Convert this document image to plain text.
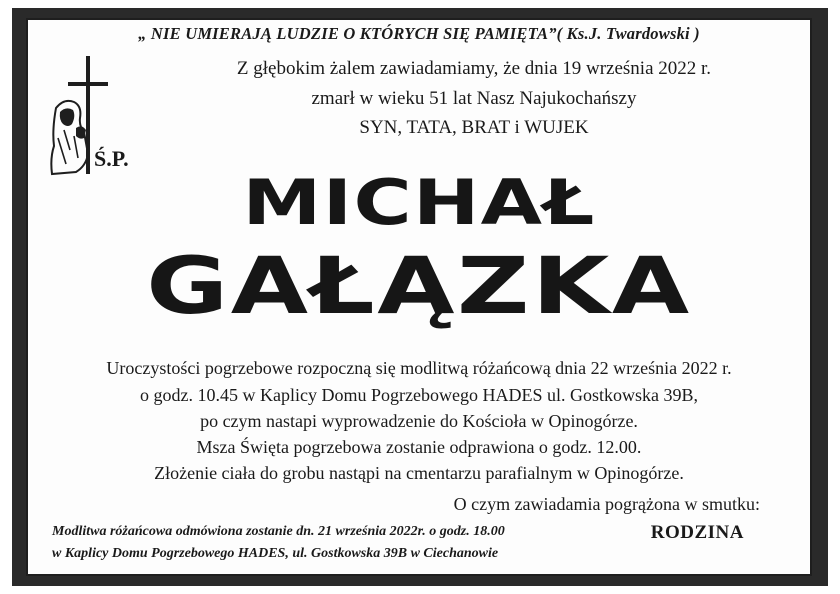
„ NIE UMIERAJĄ LUDZIE O KTÓRYCH SIĘ PAMIĘTA”( Ks.J. Twardowski )
Z głębokim żalem zawiadamiamy, że dnia 19 września 2022 r.
zmarł w wieku 51 lat Nasz Najukochańszy
SYN, TATA, BRAT i WUJEK
Ś.P.
MICHAŁ
GAŁĄZKA
Uroczystości pogrzebowe rozpoczną się modlitwą różańcową dnia 22 września 2022 r.
o godz. 10.45 w Kaplicy Domu Pogrzebowego HADES ul. Gostkowska 39B,
po czym nastapi wyprowadzenie do Kościoła w Opinogórze.
Msza Święta pogrzebowa zostanie odprawiona o godz. 12.00.
Złożenie ciała do grobu nastąpi na cmentarzu parafialnym w Opinogórze.
O czym zawiadamia pogrążona w smutku:
RODZINA
Modlitwa różańcowa odmówiona zostanie dn. 21 września 2022r. o godz. 18.00
w Kaplicy Domu Pogrzebowego HADES, ul. Gostkowska 39B w Ciechanowie
